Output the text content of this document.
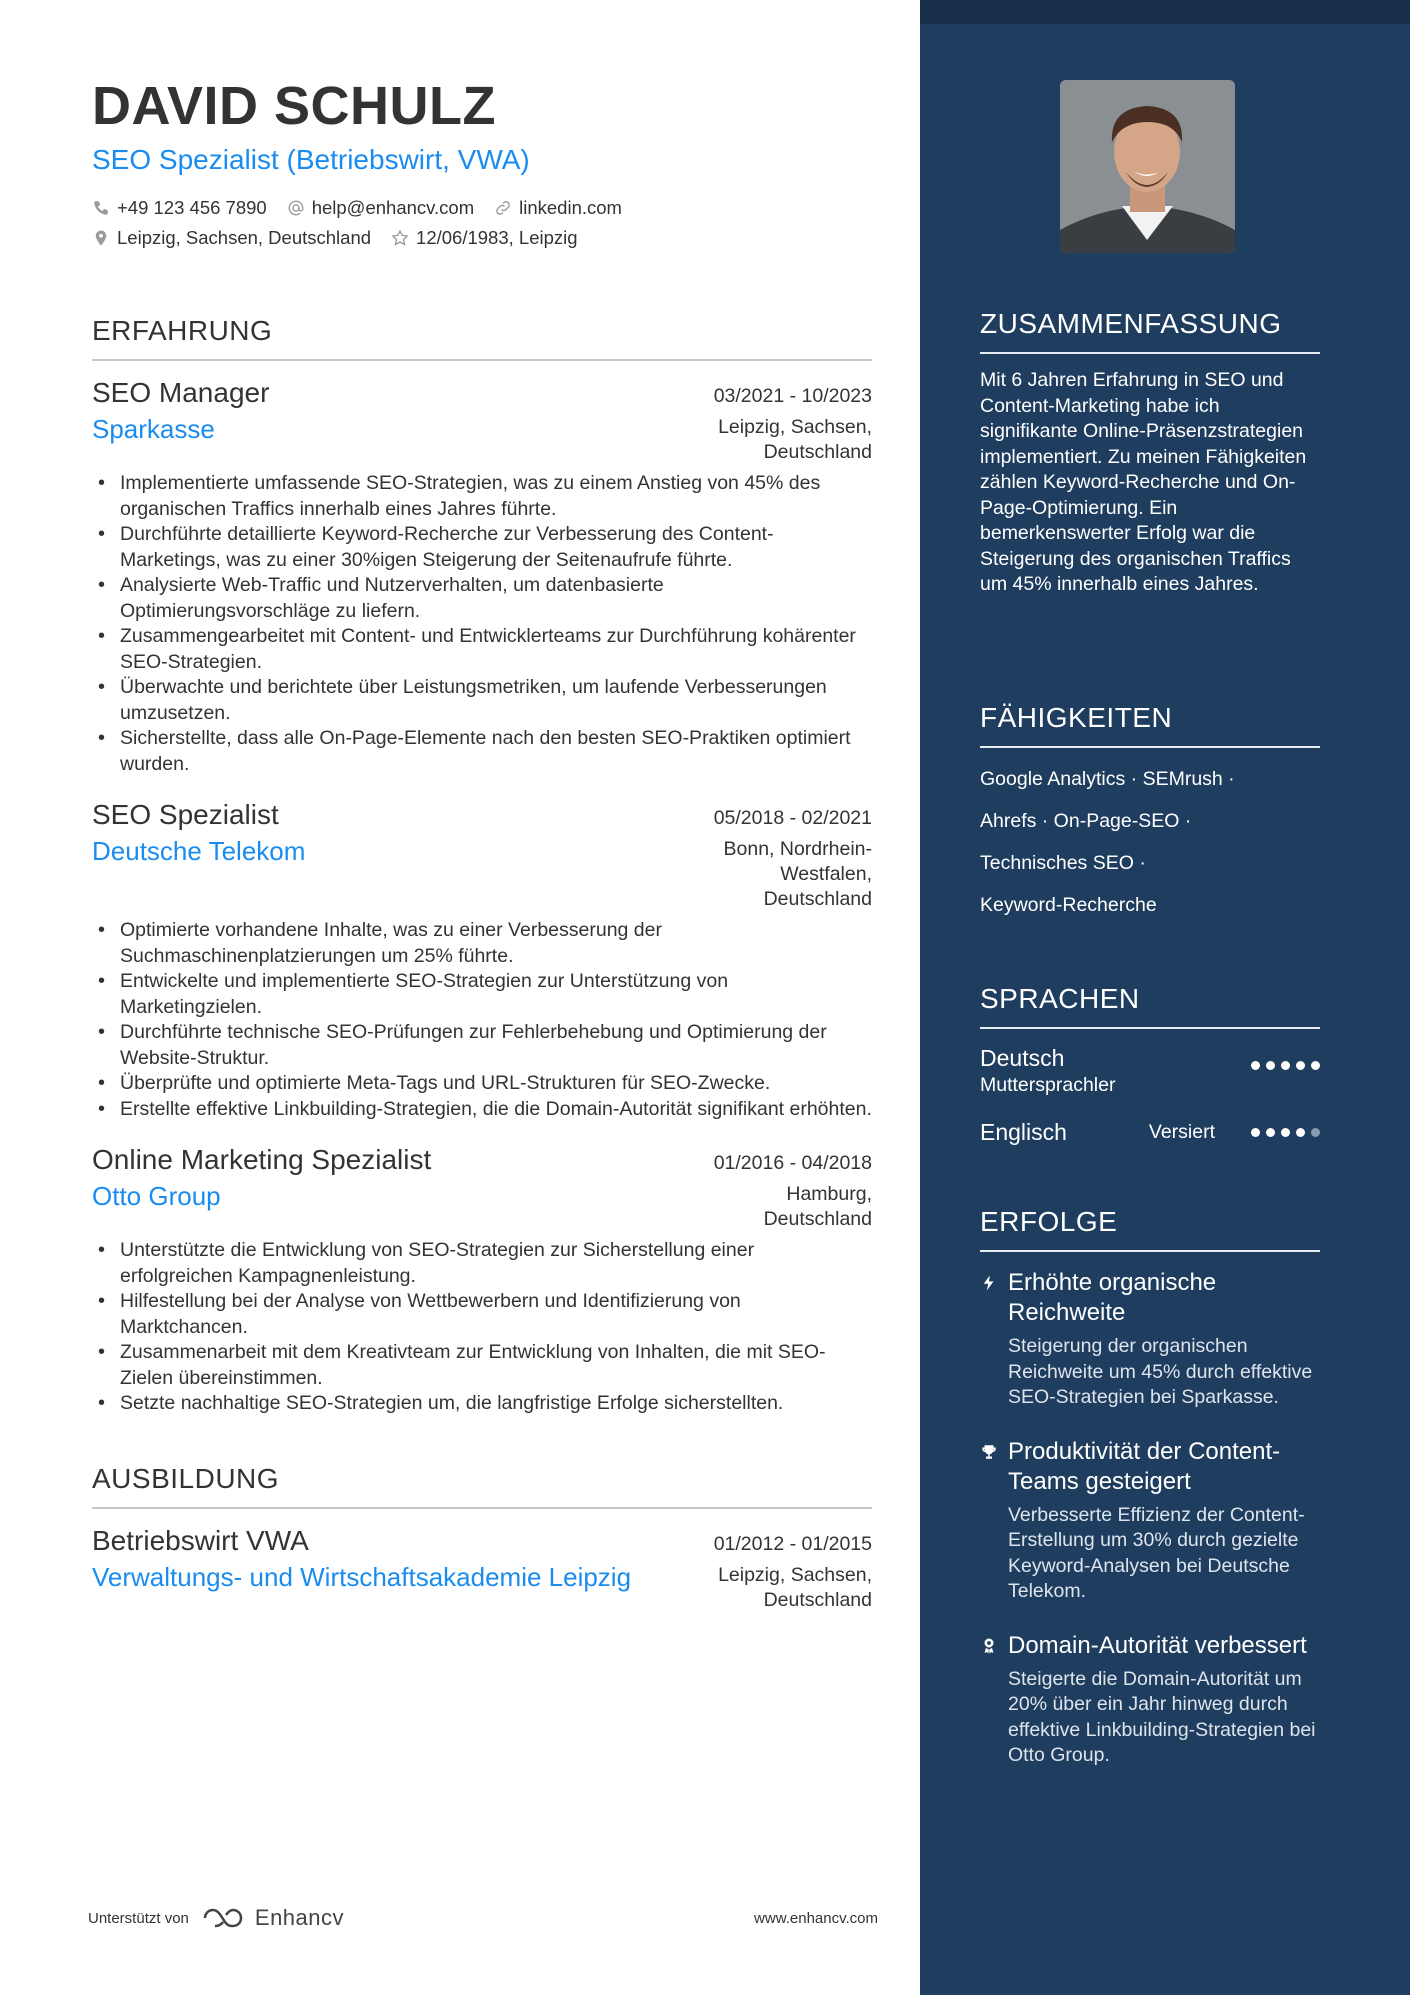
DAVID SCHULZ
SEO Spezialist (Betriebswirt, VWA)
+49 123 456 7890 help@enhancv.com linkedin.com
Leipzig, Sachsen, Deutschland 12/06/1983, Leipzig
ERFAHRUNG
SEO Manager	03/2021 - 10/2023
Sparkasse	Leipzig, Sachsen, Deutschland
• Implementierte umfassende SEO-Strategien, was zu einem Anstieg von 45% des organischen Traffics innerhalb eines Jahres führte.
• Durchführte detaillierte Keyword-Recherche zur Verbesserung des Content-Marketings, was zu einer 30%igen Steigerung der Seitenaufrufe führte.
• Analysierte Web-Traffic und Nutzerverhalten, um datenbasierte Optimierungsvorschläge zu liefern.
• Zusammengearbeitet mit Content- und Entwicklerteams zur Durchführung kohärenter SEO-Strategien.
• Überwachte und berichtete über Leistungsmetriken, um laufende Verbesserungen umzusetzen.
• Sicherstellte, dass alle On-Page-Elemente nach den besten SEO-Praktiken optimiert wurden.
SEO Spezialist	05/2018 - 02/2021
Deutsche Telekom	Bonn, Nordrhein-Westfalen, Deutschland
• Optimierte vorhandene Inhalte, was zu einer Verbesserung der Suchmaschinenplatzierungen um 25% führte.
• Entwickelte und implementierte SEO-Strategien zur Unterstützung von Marketingzielen.
• Durchführte technische SEO-Prüfungen zur Fehlerbehebung und Optimierung der Website-Struktur.
• Überprüfte und optimierte Meta-Tags und URL-Strukturen für SEO-Zwecke.
• Erstellte effektive Linkbuilding-Strategien, die die Domain-Autorität signifikant erhöhten.
Online Marketing Spezialist	01/2016 - 04/2018
Otto Group	Hamburg, Deutschland
• Unterstützte die Entwicklung von SEO-Strategien zur Sicherstellung einer erfolgreichen Kampagnenleistung.
• Hilfestellung bei der Analyse von Wettbewerbern und Identifizierung von Marktchancen.
• Zusammenarbeit mit dem Kreativteam zur Entwicklung von Inhalten, die mit SEO-Zielen übereinstimmen.
• Setzte nachhaltige SEO-Strategien um, die langfristige Erfolge sicherstellten.
AUSBILDUNG
Betriebswirt VWA	01/2012 - 01/2015
Verwaltungs- und Wirtschaftsakademie Leipzig	Leipzig, Sachsen, Deutschland
Unterstützt von	Enhancv	www.enhancv.com
ZUSAMMENFASSUNG
Mit 6 Jahren Erfahrung in SEO und Content-Marketing habe ich signifikante Online-Präsenzstrategien implementiert. Zu meinen Fähigkeiten zählen Keyword-Recherche und On-Page-Optimierung. Ein bemerkenswerter Erfolg war die Steigerung des organischen Traffics um 45% innerhalb eines Jahres.
FÄHIGKEITEN
Google Analytics · SEMrush ·
Ahrefs · On-Page-SEO ·
Technisches SEO ·
Keyword-Recherche
SPRACHEN
Deutsch
Muttersprachler
Englisch	Versiert
ERFOLGE
Erhöhte organische Reichweite
Steigerung der organischen Reichweite um 45% durch effektive SEO-Strategien bei Sparkasse.
Produktivität der Content-Teams gesteigert
Verbesserte Effizienz der Content-Erstellung um 30% durch gezielte Keyword-Analysen bei Deutsche Telekom.
Domain-Autorität verbessert
Steigerte die Domain-Autorität um 20% über ein Jahr hinweg durch effektive Linkbuilding-Strategien bei Otto Group.
